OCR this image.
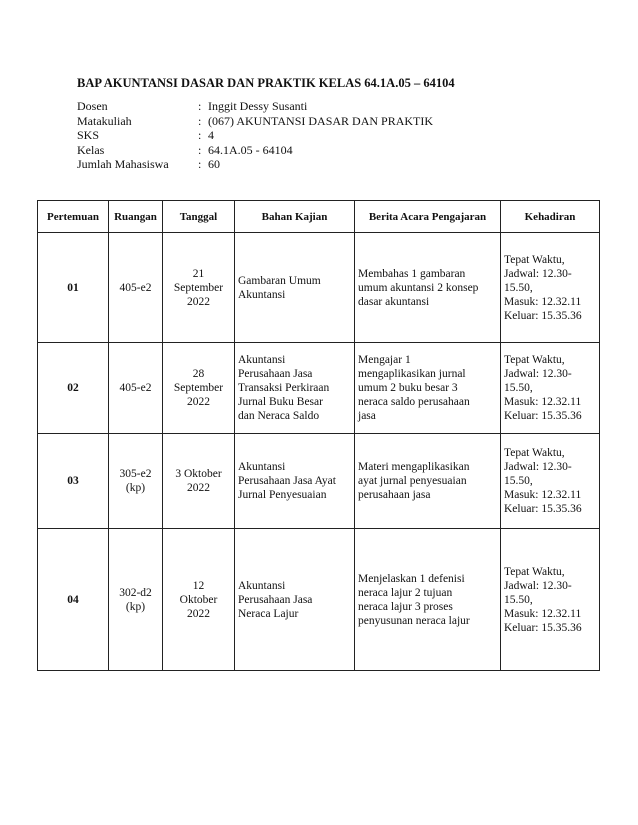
BAP AKUNTANSI DASAR DAN PRAKTIK KELAS 64.1A.05 – 64104
Dosen	: Inggit Dessy Susanti
Matakuliah	: (067) AKUNTANSI DASAR DAN PRAKTIK
SKS	: 4
Kelas	: 64.1A.05 - 64104
Jumlah Mahasiswa	: 60
Pertemuan	Ruangan	Tanggal	Bahan Kajian	Berita Acara Pengajaran	Kehadiran
01	405-e2	21
September
2022	Gambaran Umum
Akuntansi	Membahas 1 gambaran
umum akuntansi 2 konsep
dasar akuntansi	Tepat Waktu,
Jadwal: 12.30-
15.50,
Masuk: 12.32.11
Keluar: 15.35.36

02	405-e2	28
September
2022	Akuntansi
Perusahaan Jasa
Transaksi Perkiraan
Jurnal Buku Besar
dan Neraca Saldo	Mengajar 1
mengaplikasikan jurnal
umum 2 buku besar 3
neraca saldo perusahaan
jasa	Tepat Waktu,
Jadwal: 12.30-
15.50,
Masuk: 12.32.11
Keluar: 15.35.36

03	305-e2
(kp)	3 Oktober
2022	Akuntansi
Perusahaan Jasa Ayat
Jurnal Penyesuaian	Materi mengaplikasikan
ayat jurnal penyesuaian
perusahaan jasa	Tepat Waktu,
Jadwal: 12.30-
15.50,
Masuk: 12.32.11
Keluar: 15.35.36

04	302-d2
(kp)	12
Oktober
2022	Akuntansi
Perusahaan Jasa
Neraca Lajur	Menjelaskan 1 defenisi
neraca lajur 2 tujuan
neraca lajur 3 proses
penyusunan neraca lajur	Tepat Waktu,
Jadwal: 12.30-
15.50,
Masuk: 12.32.11
Keluar: 15.35.36
